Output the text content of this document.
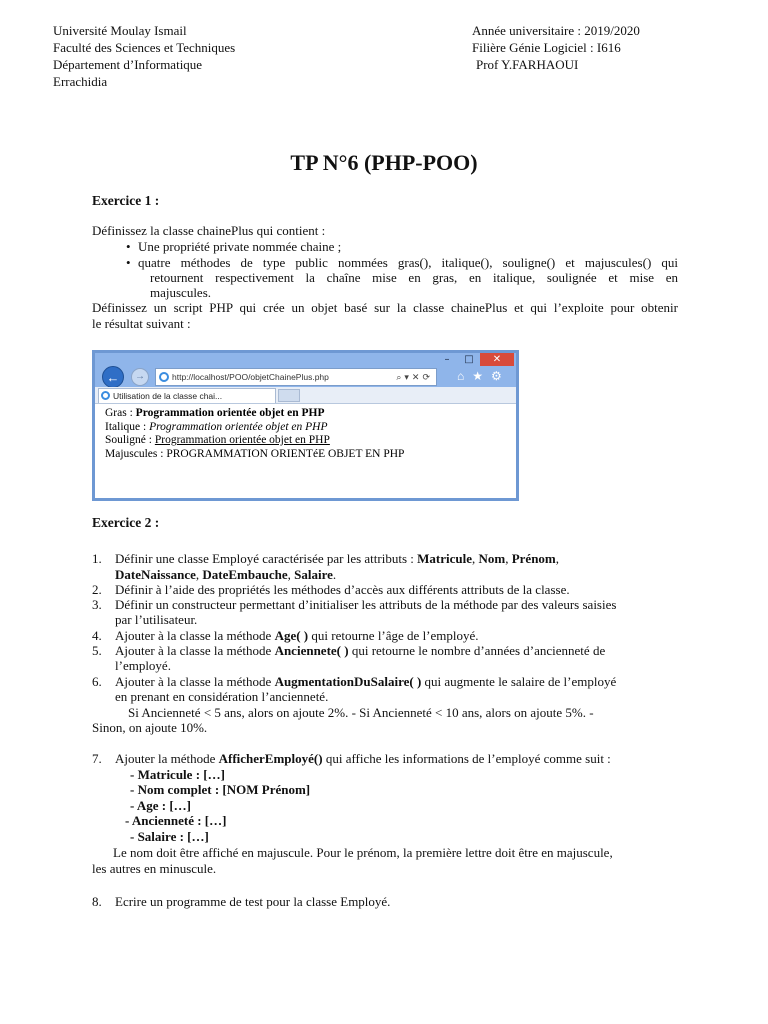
Université Moulay Ismail
Faculté des Sciences et Techniques
Département d’Informatique
Errachidia
Année universitaire : 2019/2020
Filière Génie Logiciel : I616
Prof Y.FARHAOUI
TP N°6 (PHP-POO)
Exercice 1 :
Définissez la classe chainePlus qui contient :
• Une propriété private nommée chaine ;
• quatre méthodes de type public nommées gras(), italique(), souligne() et majuscules() qui
retournent respectivement la chaîne mise en gras, en italique, soulignée et mise en
majuscules.
Définissez un script PHP qui crée un objet basé sur la classe chainePlus et qui l’exploite pour obtenir
le résultat suivant :
–	□	✕
←	→	http://localhost/POO/objetChainePlus.php	⌕▾✕⟳ ⌂★⚙
Utilisation de la classe chai...
Gras : Programmation orientée objet en PHP
Italique : Programmation orientée objet en PHP
Souligné : Programmation orientée objet en PHP
Majuscules : PROGRAMMATION ORIENTéE OBJET EN PHP
Exercice 2 :
1. Définir une classe Employé caractérisée par les attributs : Matricule, Nom, Prénom,
DateNaissance, DateEmbauche, Salaire.
2. Définir à l’aide des propriétés les méthodes d’accès aux différents attributs de la classe.
3. Définir un constructeur permettant d’initialiser les attributs de la méthode par des valeurs saisies
par l’utilisateur.
4. Ajouter à la classe la méthode Age( ) qui retourne l’âge de l’employé.
5. Ajouter à la classe la méthode Anciennete( ) qui retourne le nombre d’années d’ancienneté de
l’employé.
6. Ajouter à la classe la méthode AugmentationDuSalaire( ) qui augmente le salaire de l’employé
en prenant en considération l’ancienneté.
Si Ancienneté < 5 ans, alors on ajoute 2%. - Si Ancienneté < 10 ans, alors on ajoute 5%. -
Sinon, on ajoute 10%.
7. Ajouter la méthode AfficherEmployé() qui affiche les informations de l’employé comme suit :
- Matricule : […]
- Nom complet : [NOM Prénom]
- Age : […]
- Ancienneté : […]
- Salaire : […]
Le nom doit être affiché en majuscule. Pour le prénom, la première lettre doit être en majuscule,
les autres en minuscule.
8. Ecrire un programme de test pour la classe Employé.
